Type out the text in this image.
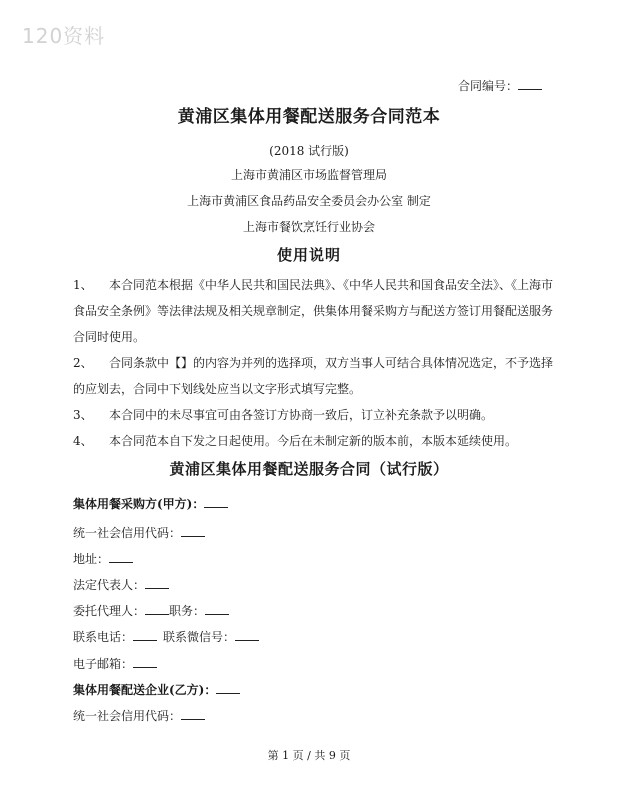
120资料
合同编号：
黄浦区集体用餐配送服务合同范本
(2018 试行版)
上海市黄浦区市场监督管理局
上海市黄浦区食品药品安全委员会办公室 制定
上海市餐饮烹饪行业协会
使用说明
1、 本合同范本根据《中华人民共和国民法典》、《中华人民共和国食品安全法》、《上海市食品安全条例》等法律法规及相关规章制定，供集体用餐采购方与配送方签订用餐配送服务合同时使用。
2、 合同条款中【】的内容为并列的选择项，双方当事人可结合具体情况选定，不予选择的应划去，合同中下划线处应当以文字形式填写完整。
3、 本合同中的未尽事宜可由各签订方协商一致后，订立补充条款予以明确。
4、 本合同范本自下发之日起使用。今后在未制定新的版本前，本版本延续使用。
黄浦区集体用餐配送服务合同（试行版）
集体用餐采购方(甲方)：
统一社会信用代码：
地址：
法定代表人：
委托代理人： 职务：
联系电话：	联系微信号：
电子邮箱：
集体用餐配送企业(乙方)：
统一社会信用代码：
第 1 页 / 共 9 页
